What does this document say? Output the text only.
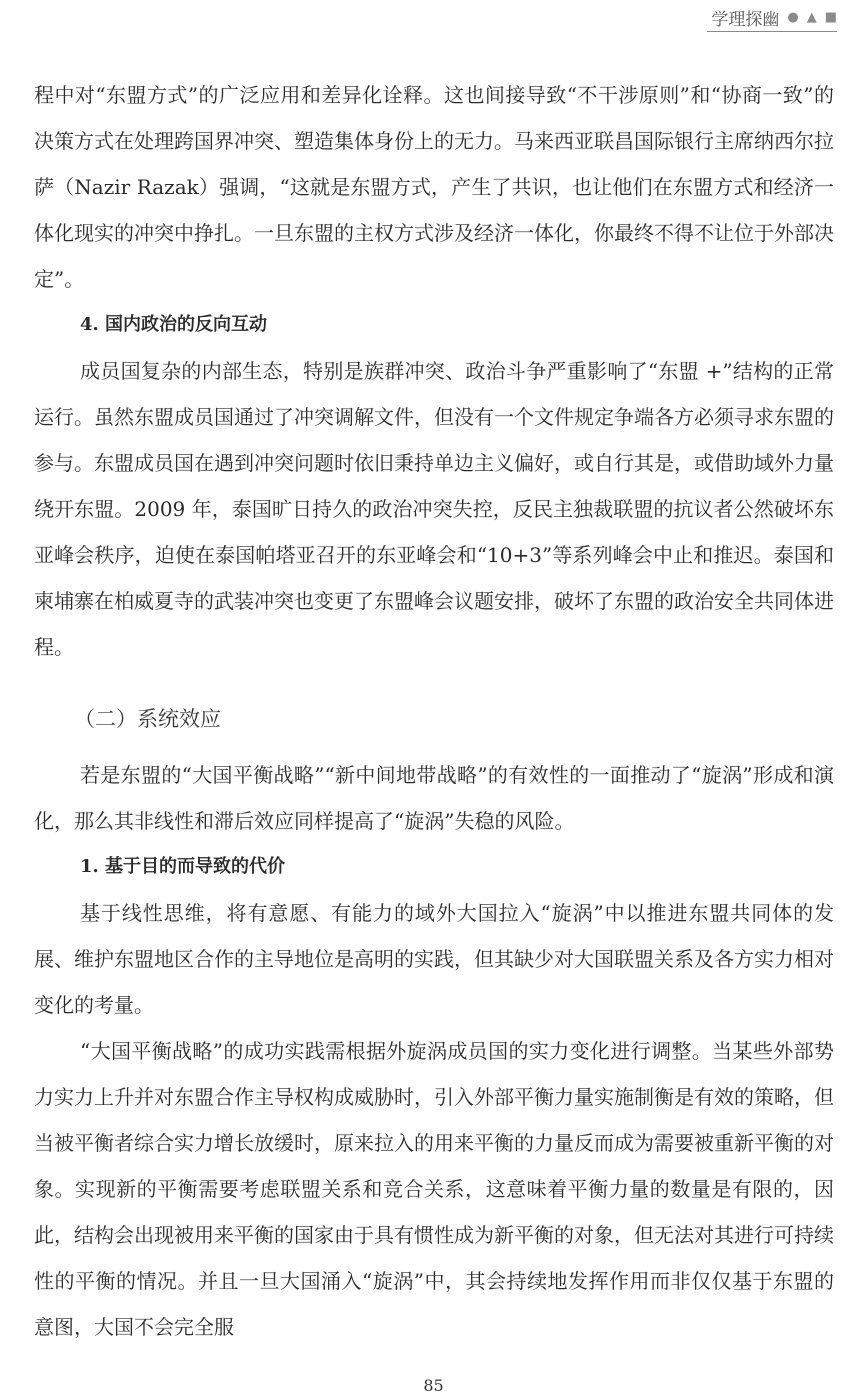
学理探幽 ● ▲ ■

程中对“东盟方式”的广泛应用和差异化诠释。这也间接导致“不干涉原则”和“协商一致”的决策方式在处理跨国界冲突、塑造集体身份上的无力。马来西亚联昌国际银行主席纳西尔拉萨（Nazir Razak）强调，“这就是东盟方式，产生了共识，也让他们在东盟方式和经济一体化现实的冲突中挣扎。一旦东盟的主权方式涉及经济一体化，你最终不得不让位于外部决定”。

4. 国内政治的反向互动

成员国复杂的内部生态，特别是族群冲突、政治斗争严重影响了“东盟 +”结构的正常运行。虽然东盟成员国通过了冲突调解文件，但没有一个文件规定争端各方必须寻求东盟的参与。东盟成员国在遇到冲突问题时依旧秉持单边主义偏好，或自行其是，或借助域外力量绕开东盟。2009 年，泰国旷日持久的政治冲突失控，反民主独裁联盟的抗议者公然破坏东亚峰会秩序，迫使在泰国帕塔亚召开的东亚峰会和“10+3”等系列峰会中止和推迟。泰国和柬埔寨在柏威夏寺的武装冲突也变更了东盟峰会议题安排，破坏了东盟的政治安全共同体进程。

（二）系统效应

若是东盟的“大国平衡战略”“新中间地带战略”的有效性的一面推动了“旋涡”形成和演化，那么其非线性和滞后效应同样提高了“旋涡”失稳的风险。

1. 基于目的而导致的代价

基于线性思维，将有意愿、有能力的域外大国拉入“旋涡”中以推进东盟共同体的发展、维护东盟地区合作的主导地位是高明的实践，但其缺少对大国联盟关系及各方实力相对变化的考量。

“大国平衡战略”的成功实践需根据外旋涡成员国的实力变化进行调整。当某些外部势力实力上升并对东盟合作主导权构成威胁时，引入外部平衡力量实施制衡是有效的策略，但当被平衡者综合实力增长放缓时，原来拉入的用来平衡的力量反而成为需要被重新平衡的对象。实现新的平衡需要考虑联盟关系和竞合关系，这意味着平衡力量的数量是有限的，因此，结构会出现被用来平衡的国家由于具有惯性成为新平衡的对象，但无法对其进行可持续性的平衡的情况。并且一旦大国涌入“旋涡”中，其会持续地发挥作用而非仅仅基于东盟的意图，大国不会完全服

85
